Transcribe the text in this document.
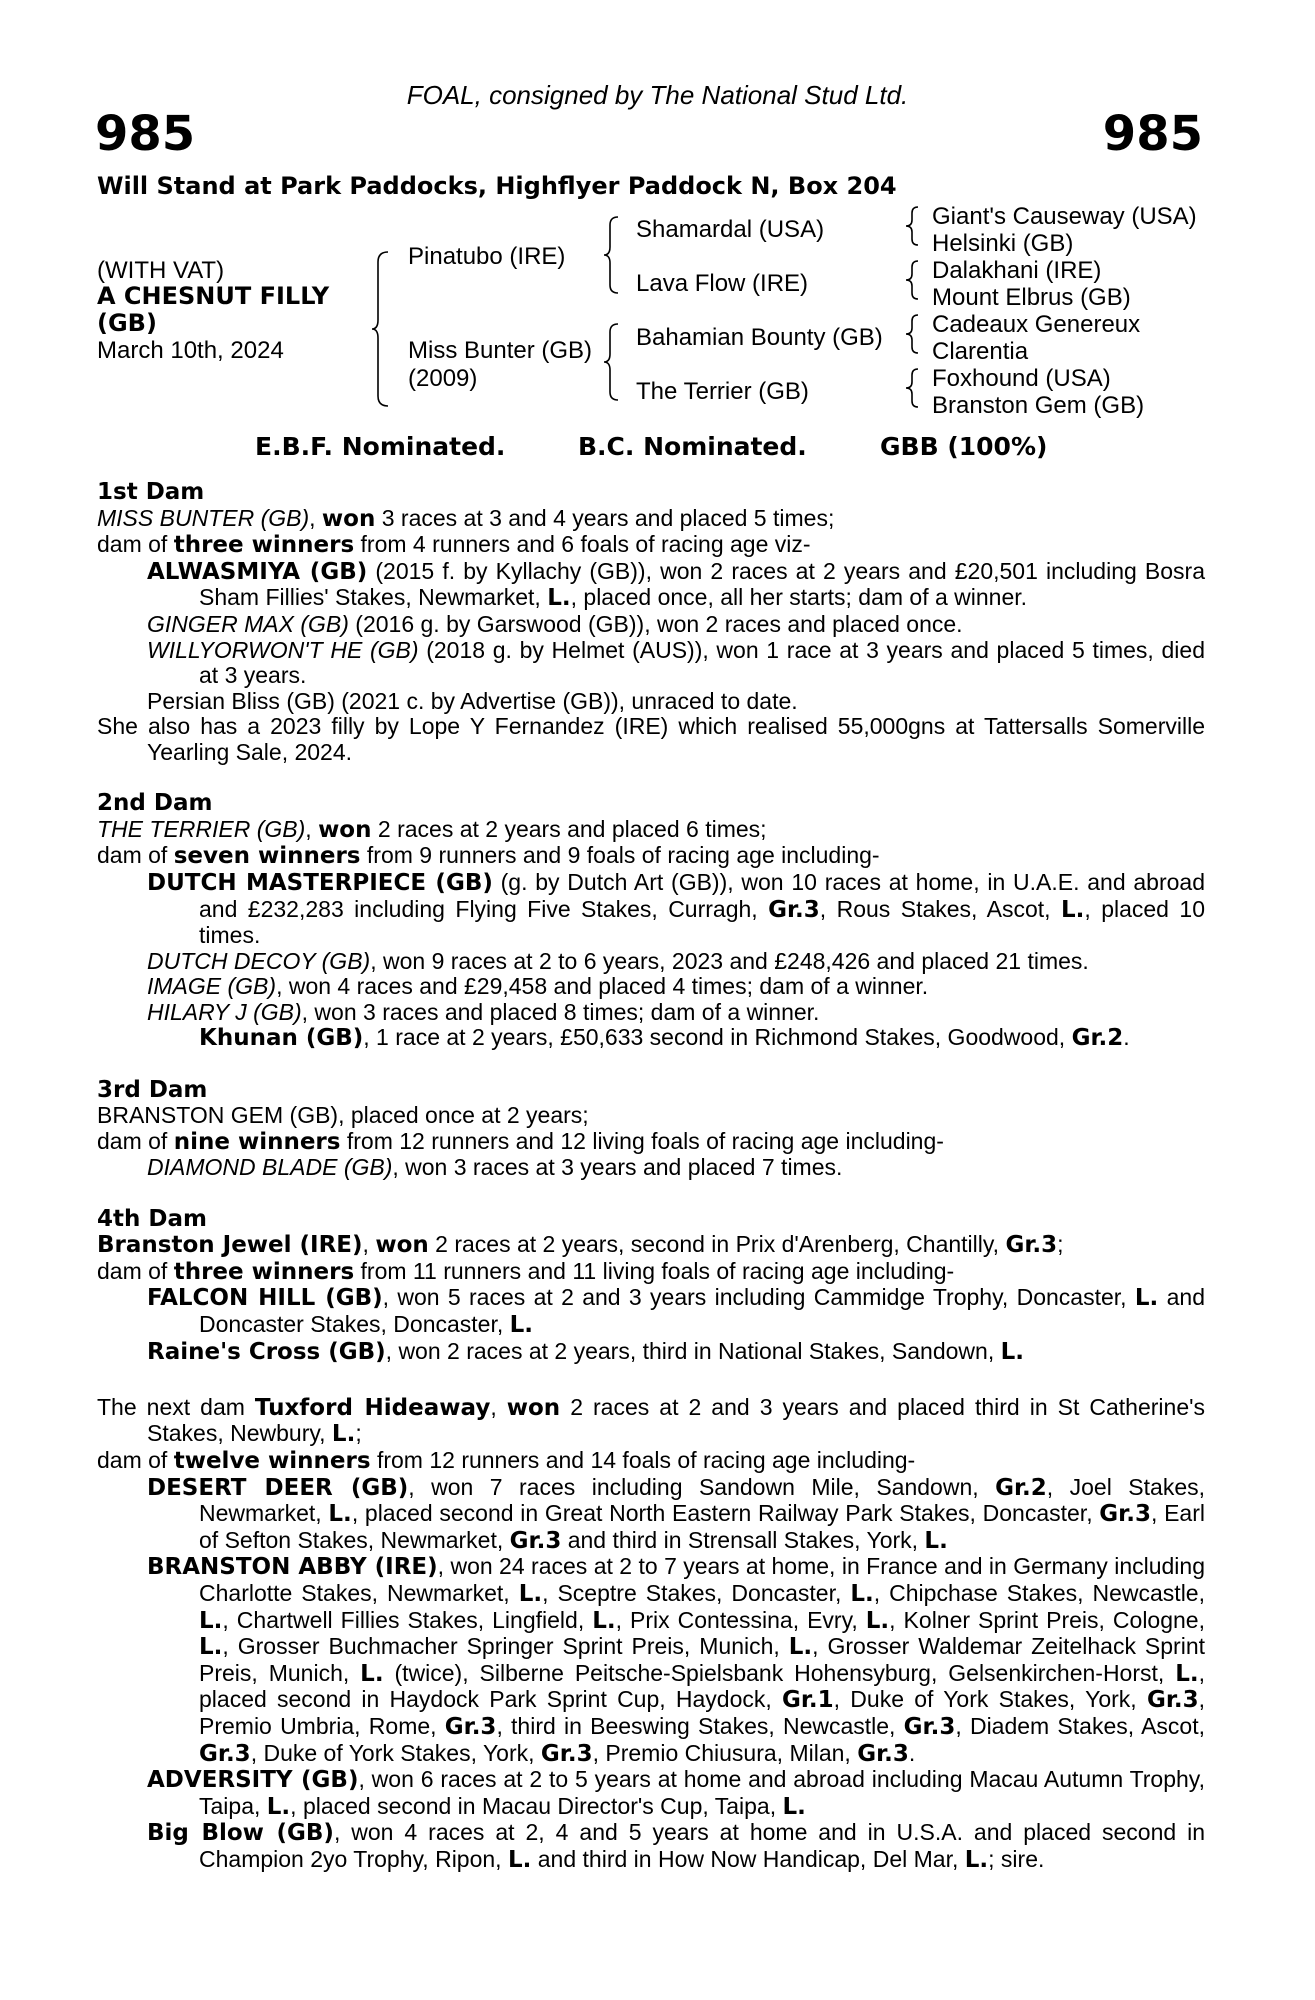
FOAL, consigned by The National Stud Ltd.
985	985
Will Stand at Park Paddocks, Highflyer Paddock N, Box 204
(WITH VAT)
A CHESNUT FILLY
(GB)
March 10th, 2024
Pinatubo (IRE)
Miss Bunter (GB)
(2009)
Shamardal (USA)
Lava Flow (IRE)
Bahamian Bounty (GB)
The Terrier (GB)
Giant's Causeway (USA)
Helsinki (GB)
Dalakhani (IRE)
Mount Elbrus (GB)
Cadeaux Genereux
Clarentia
Foxhound (USA)
Branston Gem (GB)
E.B.F. Nominated.	B.C. Nominated.	GBB (100%)

1st Dam

MISS BUNTER (GB), won 3 races at 3 and 4 years and placed 5 times;

dam of three winners from 4 runners and 6 foals of racing age viz-

ALWASMIYA (GB) (2015 f. by Kyllachy (GB)), won 2 races at 2 years and £20,501 including Bosra Sham Fillies' Stakes, Newmarket, L., placed once, all her starts; dam of a winner.

GINGER MAX (GB) (2016 g. by Garswood (GB)), won 2 races and placed once.

WILLYORWON'T HE (GB) (2018 g. by Helmet (AUS)), won 1 race at 3 years and placed 5 times, died at 3 years.

Persian Bliss (GB) (2021 c. by Advertise (GB)), unraced to date.

She also has a 2023 filly by Lope Y Fernandez (IRE) which realised 55,000gns at Tattersalls Somerville Yearling Sale, 2024.

2nd Dam

THE TERRIER (GB), won 2 races at 2 years and placed 6 times;

dam of seven winners from 9 runners and 9 foals of racing age including-

DUTCH MASTERPIECE (GB) (g. by Dutch Art (GB)), won 10 races at home, in U.A.E. and abroad and £232,283 including Flying Five Stakes, Curragh, Gr.3, Rous Stakes, Ascot, L., placed 10 times.

DUTCH DECOY (GB), won 9 races at 2 to 6 years, 2023 and £248,426 and placed 21 times.

IMAGE (GB), won 4 races and £29,458 and placed 4 times; dam of a winner.

HILARY J (GB), won 3 races and placed 8 times; dam of a winner.

Khunan (GB), 1 race at 2 years, £50,633 second in Richmond Stakes, Goodwood, Gr.2.

3rd Dam

BRANSTON GEM (GB), placed once at 2 years;

dam of nine winners from 12 runners and 12 living foals of racing age including-

DIAMOND BLADE (GB), won 3 races at 3 years and placed 7 times.

4th Dam

Branston Jewel (IRE), won 2 races at 2 years, second in Prix d'Arenberg, Chantilly, Gr.3;

dam of three winners from 11 runners and 11 living foals of racing age including-

FALCON HILL (GB), won 5 races at 2 and 3 years including Cammidge Trophy, Doncaster, L. and Doncaster Stakes, Doncaster, L.

Raine's Cross (GB), won 2 races at 2 years, third in National Stakes, Sandown, L.

The next dam Tuxford Hideaway, won 2 races at 2 and 3 years and placed third in St Catherine's Stakes, Newbury, L.;

dam of twelve winners from 12 runners and 14 foals of racing age including-

DESERT DEER (GB), won 7 races including Sandown Mile, Sandown, Gr.2, Joel Stakes, Newmarket, L., placed second in Great North Eastern Railway Park Stakes, Doncaster, Gr.3, Earl of Sefton Stakes, Newmarket, Gr.3 and third in Strensall Stakes, York, L.

BRANSTON ABBY (IRE), won 24 races at 2 to 7 years at home, in France and in Germany including Charlotte Stakes, Newmarket, L., Sceptre Stakes, Doncaster, L., Chipchase Stakes, Newcastle, L., Chartwell Fillies Stakes, Lingfield, L., Prix Contessina, Evry, L., Kolner Sprint Preis, Cologne, L., Grosser Buchmacher Springer Sprint Preis, Munich, L., Grosser Waldemar Zeitelhack Sprint Preis, Munich, L. (twice), Silberne Peitsche-Spielsbank Hohensyburg, Gelsenkirchen-Horst, L., placed second in Haydock Park Sprint Cup, Haydock, Gr.1, Duke of York Stakes, York, Gr.3, Premio Umbria, Rome, Gr.3, third in Beeswing Stakes, Newcastle, Gr.3, Diadem Stakes, Ascot, Gr.3, Duke of York Stakes, York, Gr.3, Premio Chiusura, Milan, Gr.3.

ADVERSITY (GB), won 6 races at 2 to 5 years at home and abroad including Macau Autumn Trophy, Taipa, L., placed second in Macau Director's Cup, Taipa, L.

Big Blow (GB), won 4 races at 2, 4 and 5 years at home and in U.S.A. and placed second in Champion 2yo Trophy, Ripon, L. and third in How Now Handicap, Del Mar, L.; sire.
